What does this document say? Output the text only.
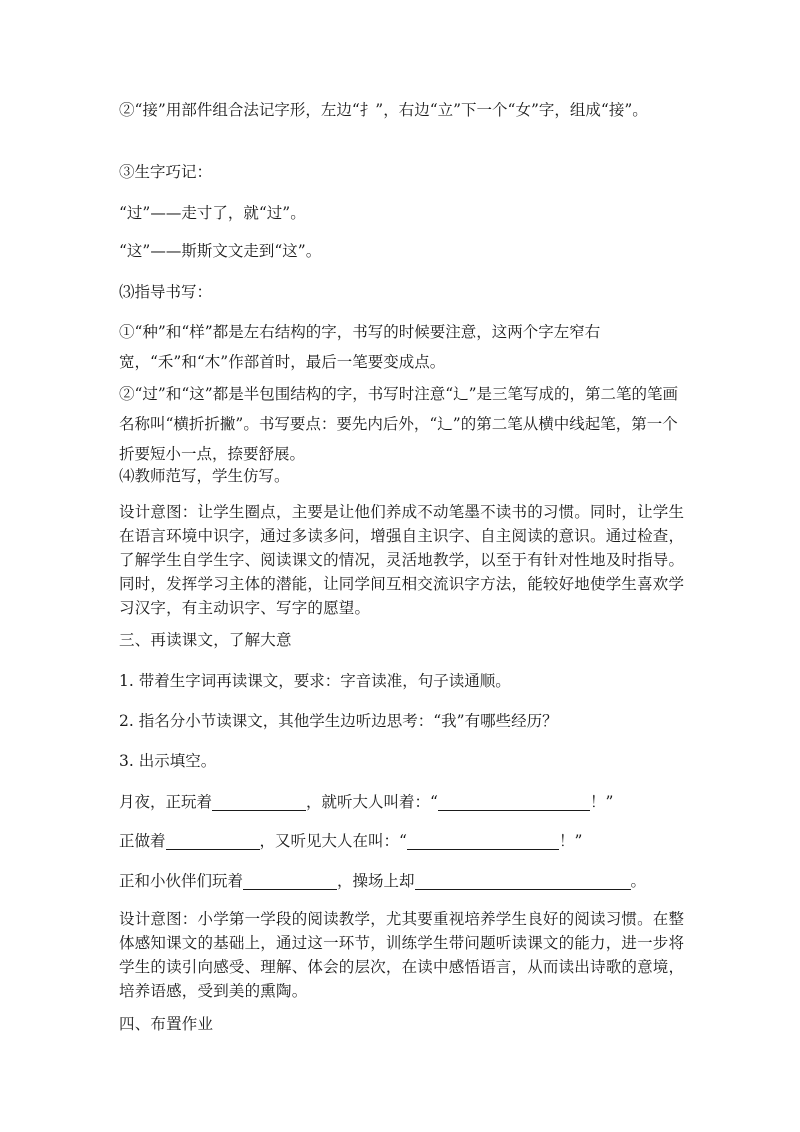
②“接”用部件组合法记字形，左边“扌”，右边“立”下一个“女”字，组成“接”。

③生字巧记：

“过”——走寸了，就“过”。

“这”——斯斯文文走到“这”。

⑶指导书写：

①“种”和“样”都是左右结构的字，书写的时候要注意，这两个字左窄右宽，“禾”和“木”作部首时，最后一笔要变成点。

②“过”和“这”都是半包围结构的字，书写时注意“辶”是三笔写成的，第二笔的笔画名称叫“横折折撇”。书写要点：要先内后外，“辶”的第二笔从横中线起笔，第一个折要短小一点，捺要舒展。

⑷教师范写，学生仿写。

设计意图：让学生圈点，主要是让他们养成不动笔墨不读书的习惯。同时，让学生在语言环境中识字，通过多读多问，增强自主识字、自主阅读的意识。通过检查，了解学生自学生字、阅读课文的情况，灵活地教学，以至于有针对性地及时指导。同时，发挥学习主体的潜能，让同学间互相交流识字方法，能较好地使学生喜欢学习汉字，有主动识字、写字的愿望。

三、再读课文，了解大意

1. 带着生字词再读课文，要求：字音读准，句子读通顺。

2. 指名分小节读课文，其他学生边听边思考：“我”有哪些经历？

3. 出示填空。

月夜，正玩着	，就听大人叫着：“	！”

正做着	，又听见大人在叫：“	！”

正和小伙伴们玩着	，操场上却	。

设计意图：小学第一学段的阅读教学，尤其要重视培养学生良好的阅读习惯。在整体感知课文的基础上，通过这一环节，训练学生带问题听读课文的能力，进一步将学生的读引向感受、理解、体会的层次，在读中感悟语言，从而读出诗歌的意境，培养语感，受到美的熏陶。

四、布置作业
